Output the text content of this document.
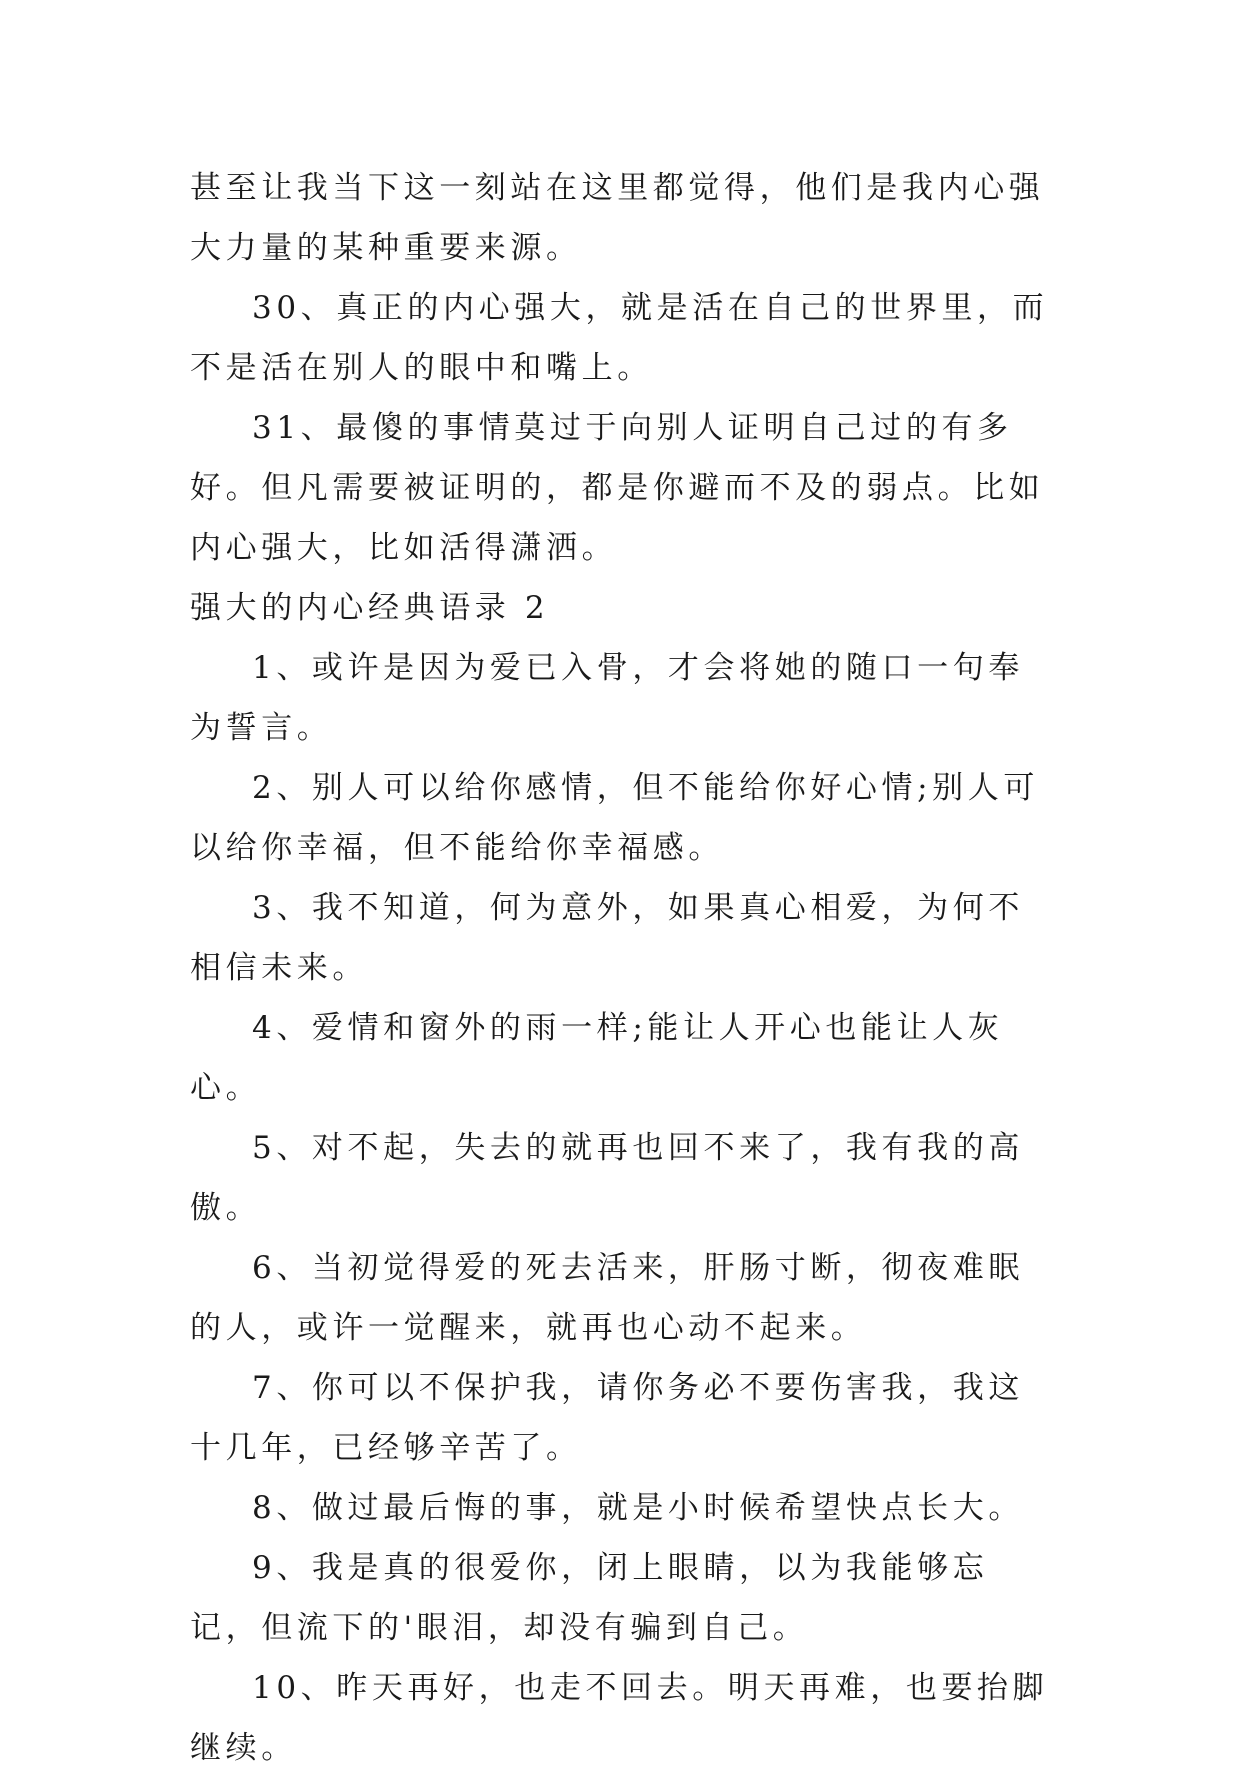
甚至让我当下这一刻站在这里都觉得，他们是我内心强大力量的某种重要来源。

30、真正的内心强大，就是活在自己的世界里，而不是活在别人的眼中和嘴上。

31、最傻的事情莫过于向别人证明自己过的有多好。但凡需要被证明的，都是你避而不及的弱点。比如内心强大，比如活得潇洒。

强大的内心经典语录 2

1、或许是因为爱已入骨，才会将她的随口一句奉为誓言。

2、别人可以给你感情，但不能给你好心情;别人可以给你幸福，但不能给你幸福感。

3、我不知道，何为意外，如果真心相爱，为何不相信未来。

4、爱情和窗外的雨一样;能让人开心也能让人灰心。

5、对不起，失去的就再也回不来了，我有我的高傲。

6、当初觉得爱的死去活来，肝肠寸断，彻夜难眠的人，或许一觉醒来，就再也心动不起来。

7、你可以不保护我，请你务必不要伤害我，我这十几年，已经够辛苦了。

8、做过最后悔的事，就是小时候希望快点长大。

9、我是真的很爱你，闭上眼睛，以为我能够忘记，但流下的'眼泪，却没有骗到自己。

10、昨天再好，也走不回去。明天再难，也要抬脚继续。
